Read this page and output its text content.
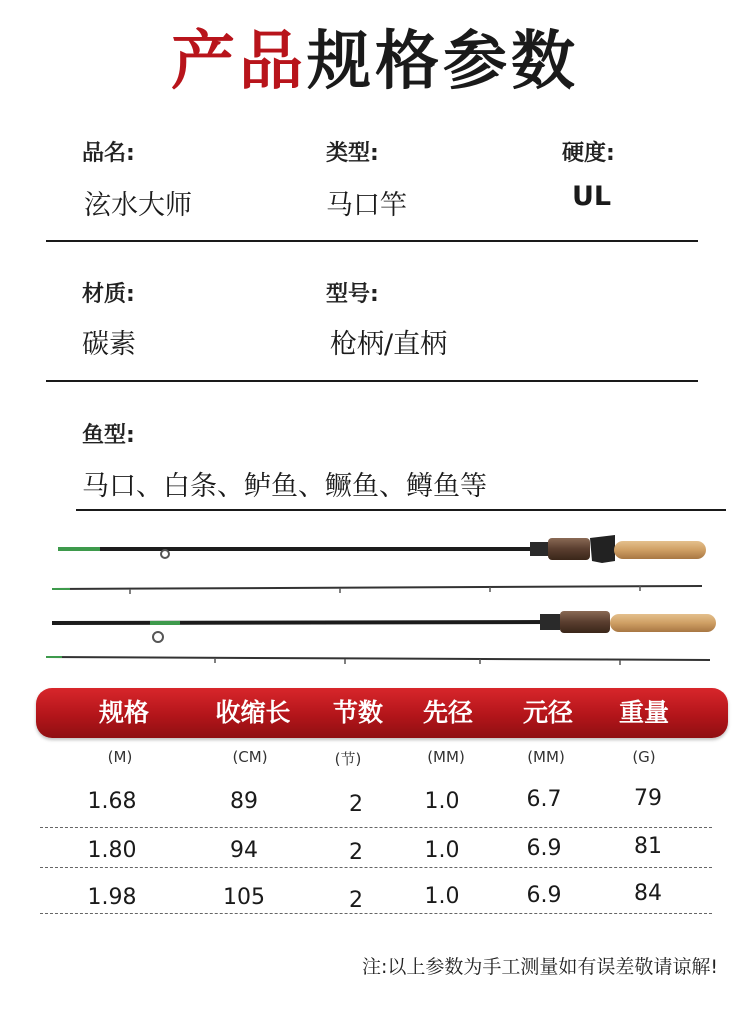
产品规格参数
品名:
泫水大师
类型:
马口竿
硬度:
UL
材质:
碳素
型号:
枪柄/直柄
鱼型:
马口、白条、鲈鱼、鳜鱼、鳟鱼等
规格	收缩长	节数	先径	元径	重量
(M)	(CM)	(节)	(MM)	(MM)	(G)
1.68	89	2	1.0	6.7	79
1.80	94	2	1.0	6.9	81
1.98	105	2	1.0	6.9	84
注:以上参数为手工测量如有误差敬请谅解!
